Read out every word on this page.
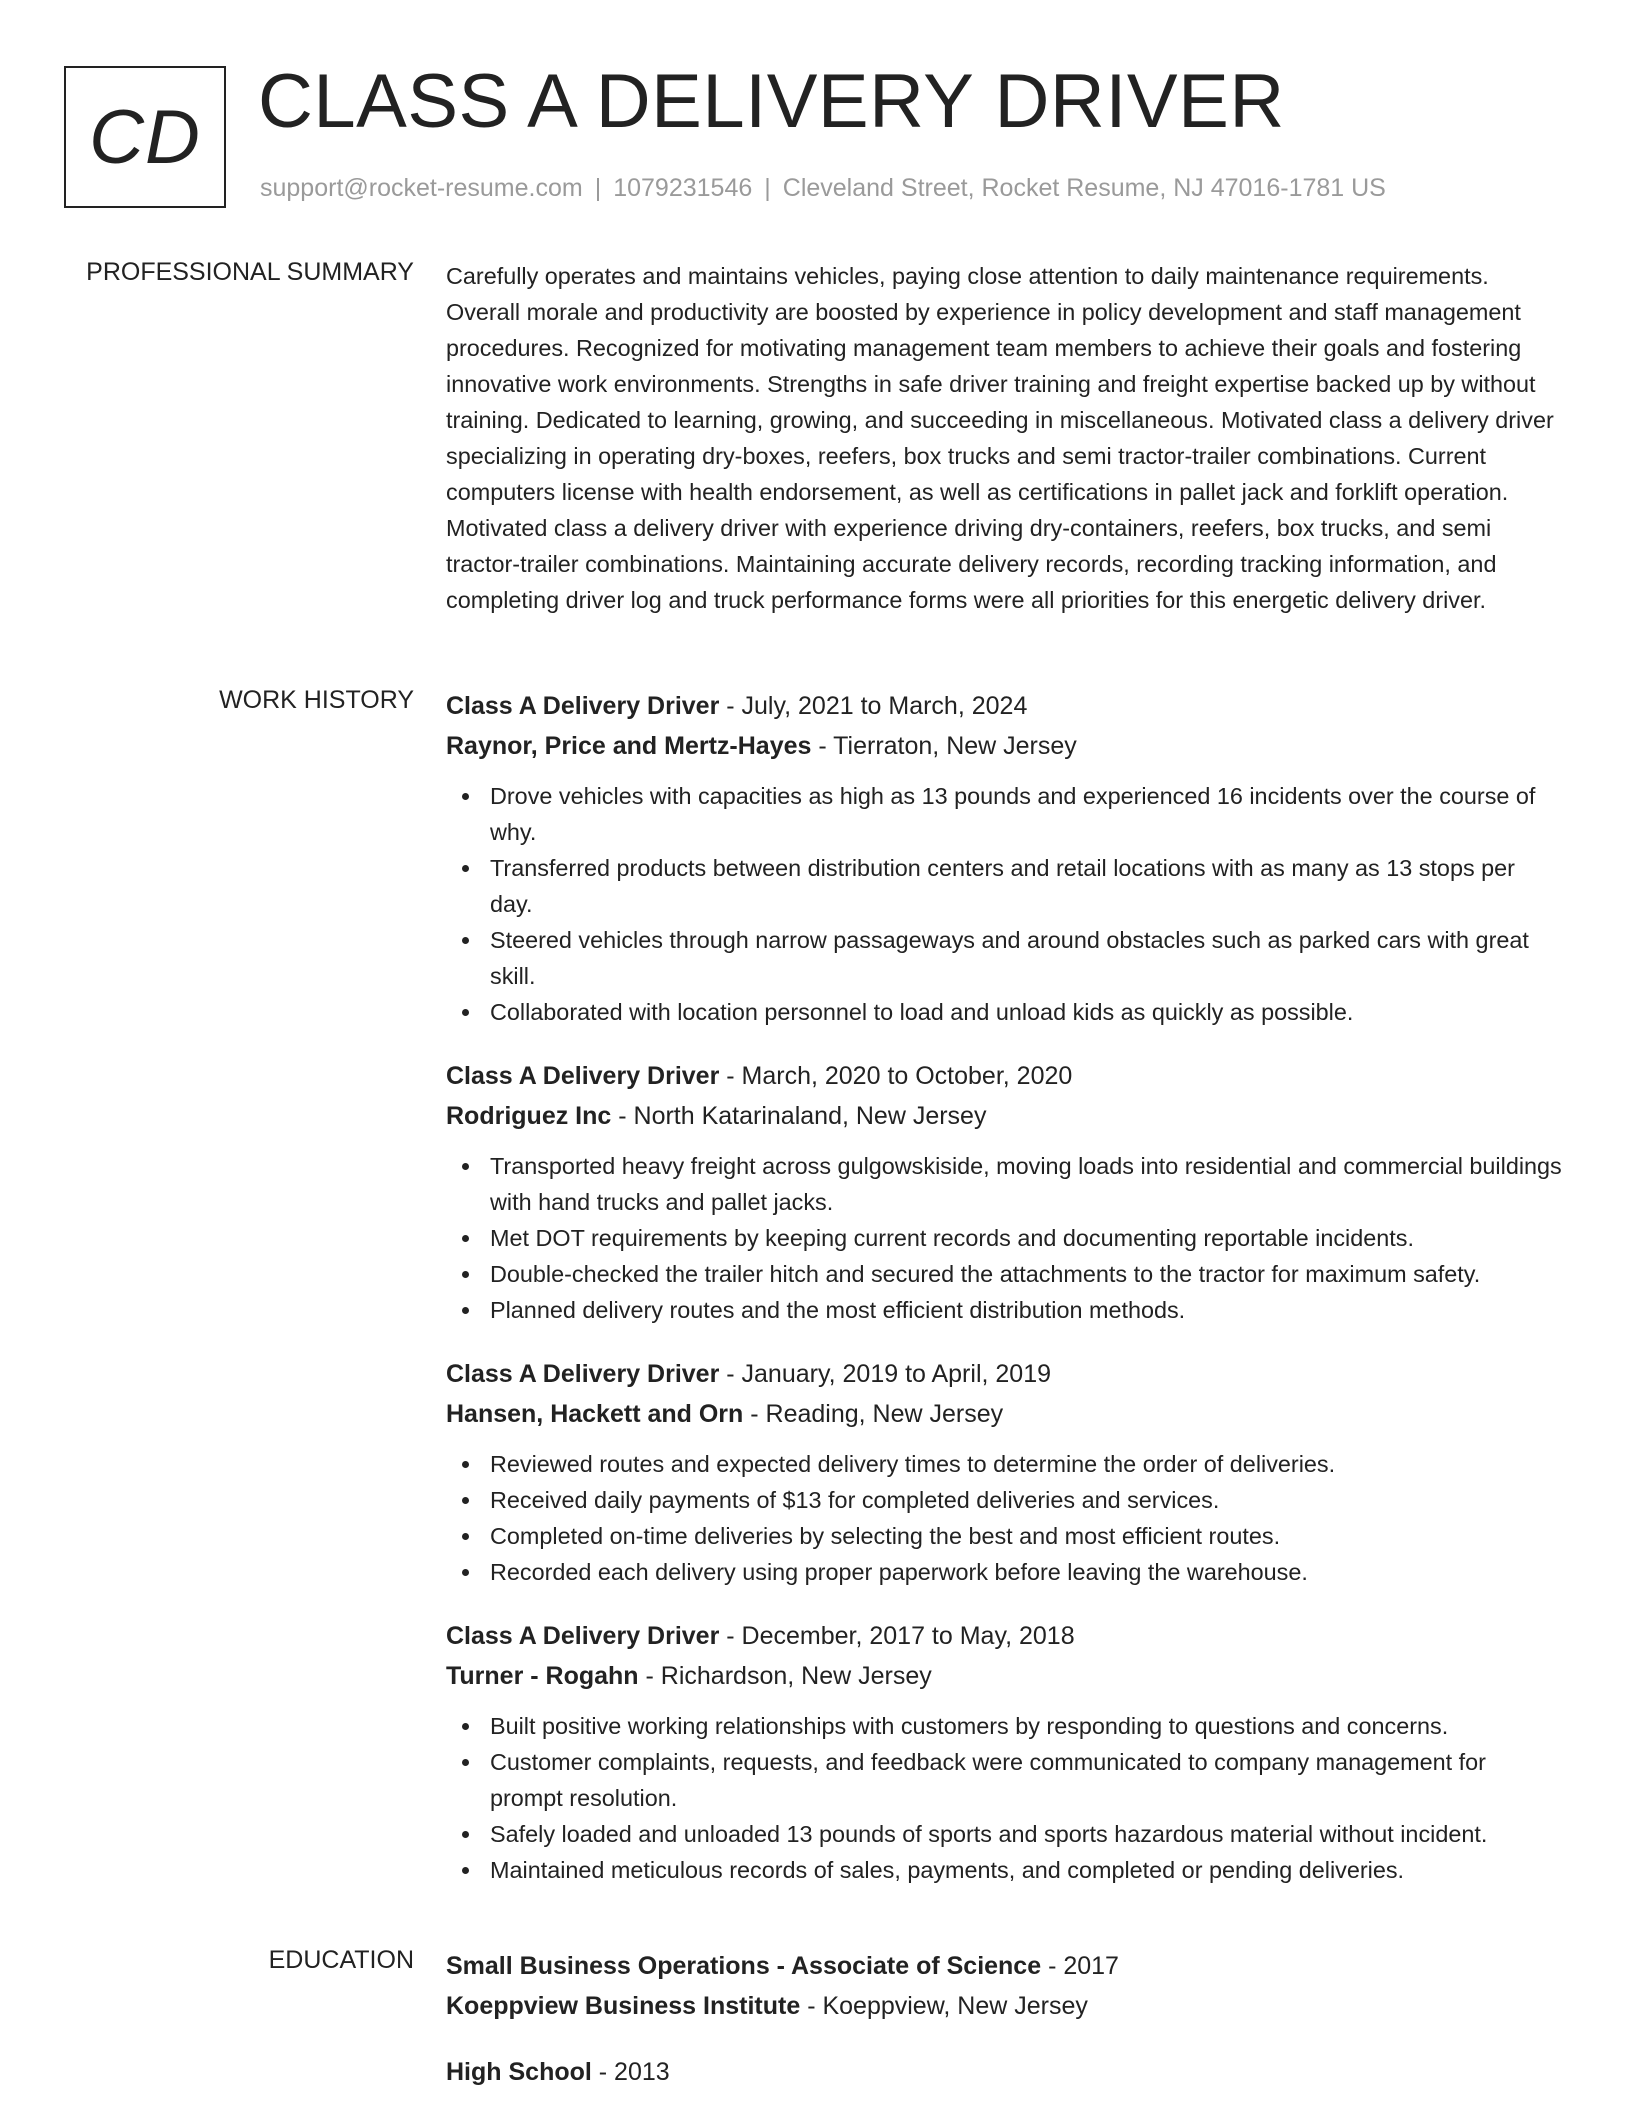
CD CLASS A DELIVERY DRIVER
support@rocket-resume.com | 1079231546 | Cleveland Street, Rocket Resume, NJ 47016-1781 US
PROFESSIONAL SUMMARY Carefully operates and maintains vehicles, paying close attention to daily maintenance requirements. Overall morale and productivity are boosted by experience in policy development and staff management procedures. Recognized for motivating management team members to achieve their goals and fostering innovative work environments. Strengths in safe driver training and freight expertise backed up by without training. Dedicated to learning, growing, and succeeding in miscellaneous. Motivated class a delivery driver specializing in operating dry-boxes, reefers, box trucks and semi tractor-trailer combinations. Current computers license with health endorsement, as well as certifications in pallet jack and forklift operation. Motivated class a delivery driver with experience driving dry-containers, reefers, box trucks, and semi tractor-trailer combinations. Maintaining accurate delivery records, recording tracking information, and completing driver log and truck performance forms were all priorities for this energetic delivery driver.

WORK HISTORY Class A Delivery Driver - July, 2021 to March, 2024
Raynor, Price and Mertz-Hayes - Tierraton, New Jersey
Drove vehicles with capacities as high as 13 pounds and experienced 16 incidents over the course of why.
Transferred products between distribution centers and retail locations with as many as 13 stops per day.
Steered vehicles through narrow passageways and around obstacles such as parked cars with great skill.
Collaborated with location personnel to load and unload kids as quickly as possible.
Class A Delivery Driver - March, 2020 to October, 2020
Rodriguez Inc - North Katarinaland, New Jersey
Transported heavy freight across gulgowskiside, moving loads into residential and commercial buildings with hand trucks and pallet jacks.
Met DOT requirements by keeping current records and documenting reportable incidents.
Double-checked the trailer hitch and secured the attachments to the tractor for maximum safety.
Planned delivery routes and the most efficient distribution methods.
Class A Delivery Driver - January, 2019 to April, 2019
Hansen, Hackett and Orn - Reading, New Jersey
Reviewed routes and expected delivery times to determine the order of deliveries.
Received daily payments of $13 for completed deliveries and services.
Completed on-time deliveries by selecting the best and most efficient routes.
Recorded each delivery using proper paperwork before leaving the warehouse.
Class A Delivery Driver - December, 2017 to May, 2018
Turner - Rogahn - Richardson, New Jersey
Built positive working relationships with customers by responding to questions and concerns.
Customer complaints, requests, and feedback were communicated to company management for prompt resolution.
Safely loaded and unloaded 13 pounds of sports and sports hazardous material without incident.
Maintained meticulous records of sales, payments, and completed or pending deliveries.
EDUCATION Small Business Operations - Associate of Science - 2017
Koeppview Business Institute - Koeppview, New Jersey
High School - 2013
